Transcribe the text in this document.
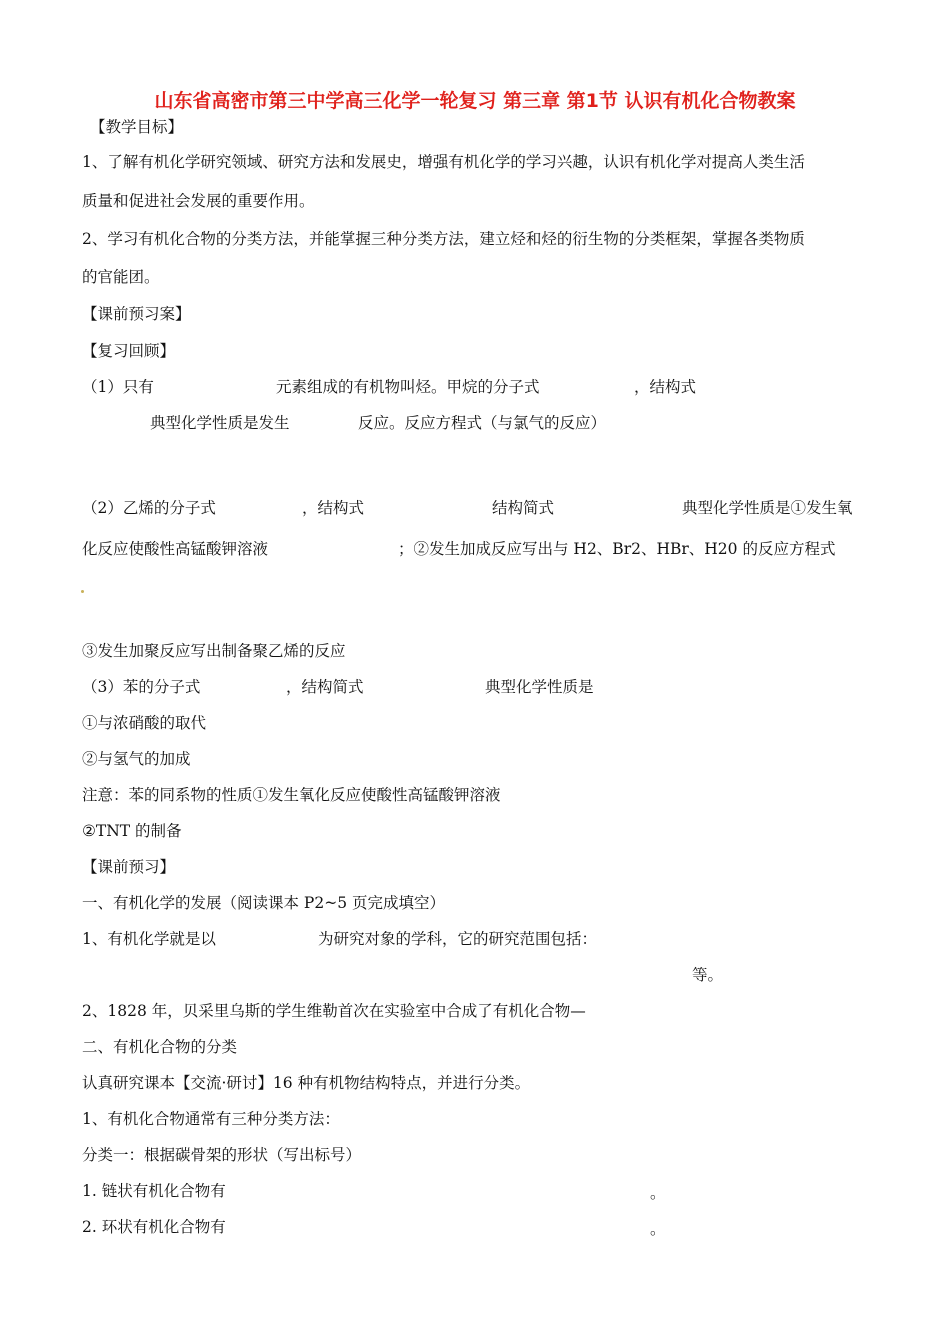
山东省高密市第三中学高三化学一轮复习 第三章 第1节 认识有机化合物教案
【教学目标】
1、了解有机化学研究领域、研究方法和发展史，增强有机化学的学习兴趣，认识有机化学对提高人类生活
质量和促进社会发展的重要作用。
2、学习有机化合物的分类方法，并能掌握三种分类方法，建立烃和烃的衍生物的分类框架，掌握各类物质
的官能团。
【课前预习案】
【复习回顾】
（1）只有	元素组成的有机物叫烃。甲烷的分子式	，结构式
典型化学性质是发生	反应。反应方程式（与氯气的反应）
（2）乙烯的分子式	，结构式	结构简式	典型化学性质是①发生氧
化反应使酸性高锰酸钾溶液	；②发生加成反应写出与 H2、Br2、HBr、H20 的反应方程式
③发生加聚反应写出制备聚乙烯的反应
（3）苯的分子式	，结构简式	典型化学性质是
①与浓硝酸的取代
②与氢气的加成
注意：苯的同系物的性质①发生氧化反应使酸性高锰酸钾溶液
②TNT 的制备
【课前预习】
一、有机化学的发展（阅读课本 P2~5 页完成填空）
1、有机化学就是以	为研究对象的学科，它的研究范围包括：
等。
2、1828 年，贝采里乌斯的学生维勒首次在实验室中合成了有机化合物—
二、有机化合物的分类
认真研究课本【交流·研讨】16 种有机物结构特点，并进行分类。
1、有机化合物通常有三种分类方法：
分类一：根据碳骨架的形状（写出标号）
1. 链状有机化合物有	。
2. 环状有机化合物有	。
